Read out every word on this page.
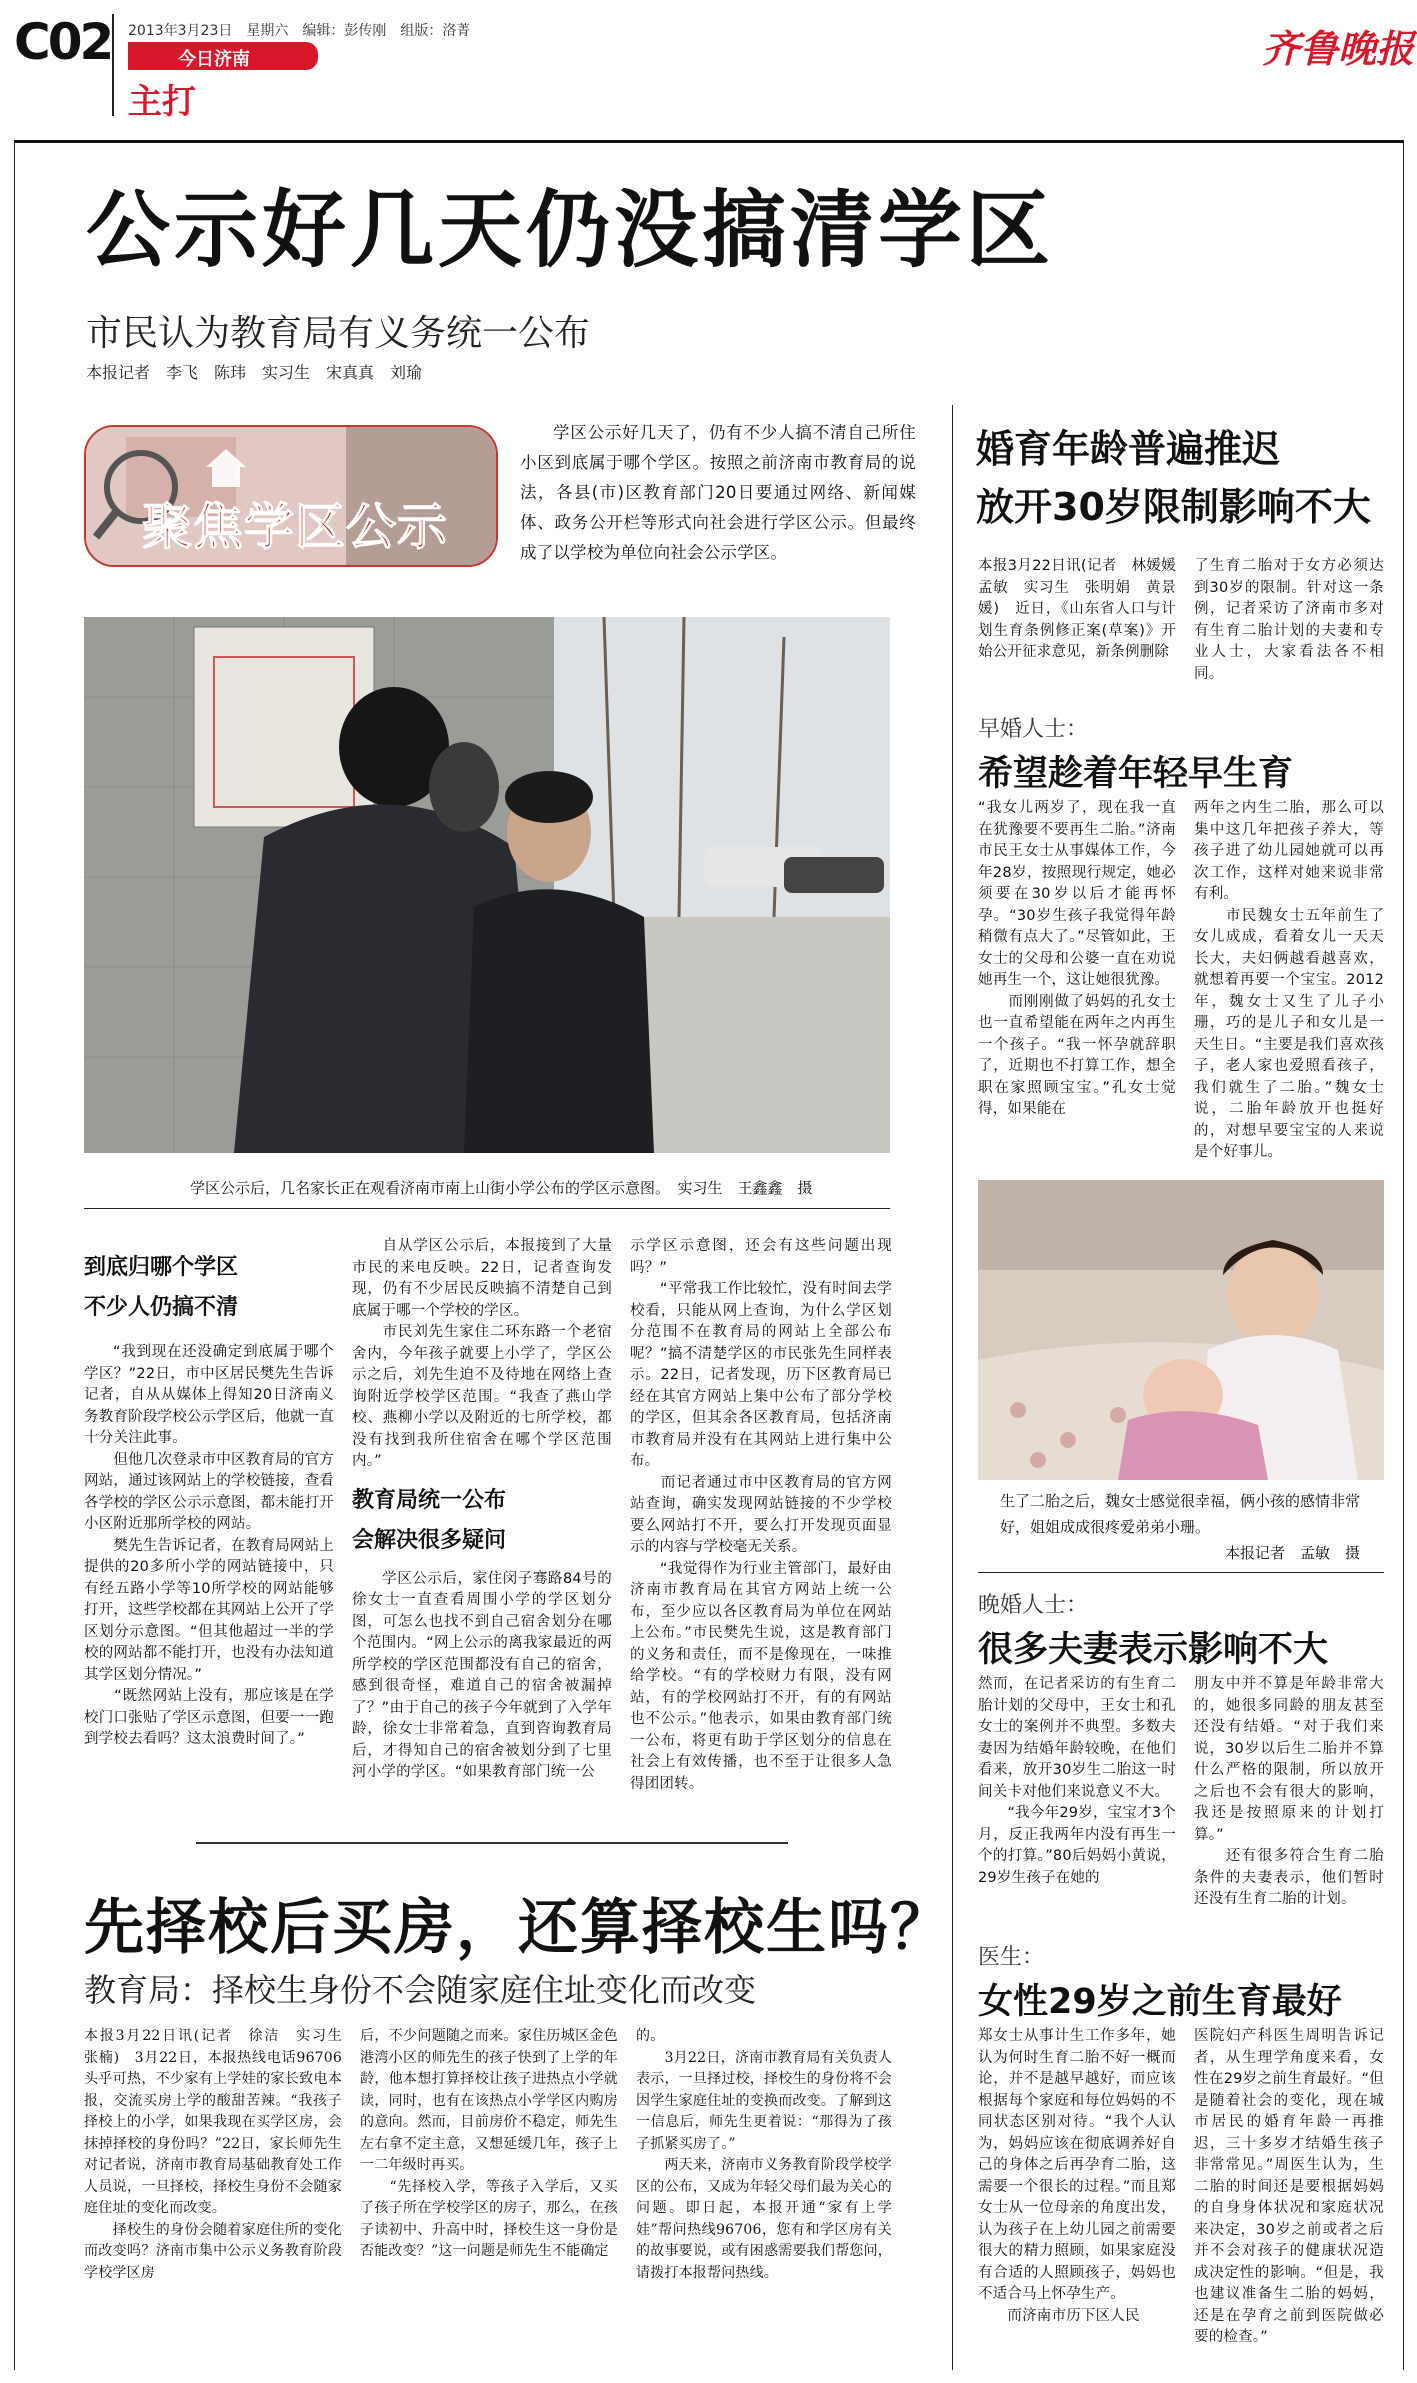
C02 2013年3月23日　星期六　编辑：彭传刚　组版：洛菁
今日济南
主打
齐鲁晚报
公示好几天仍没搞清学区
市民认为教育局有义务统一公布
本报记者　李飞　陈玮　实习生　宋真真　刘瑜
聚焦学区公示
学区公示好几天了，仍有不少人搞不清自己所住小区到底属于哪个学区。按照之前济南市教育局的说法，各县(市)区教育部门20日要通过网络、新闻媒体、政务公开栏等形式向社会进行学区公示。但最终成了以学校为单位向社会公示学区。
学区公示后，几名家长正在观看济南市南上山街小学公布的学区示意图。　实习生　王鑫鑫　摄
到底归哪个学区
不少人仍搞不清
“我到现在还没确定到底属于哪个学区？”22日，市中区居民樊先生告诉记者，自从从媒体上得知20日济南义务教育阶段学校公示学区后，他就一直十分关注此事。
　　但他几次登录市中区教育局的官方网站，通过该网站上的学校链接，查看各学校的学区公示示意图，都未能打开小区附近那所学校的网站。
　　樊先生告诉记者，在教育局网站上提供的20多所小学的网站链接中，只有经五路小学等10所学校的网站能够打开，这些学校都在其网站上公开了学区划分示意图。“但其他超过一半的学校的网站都不能打开，也没有办法知道其学区划分情况。”
　　“既然网站上没有，那应该是在学校门口张贴了学区示意图，但要一一跑到学校去看吗？这太浪费时间了。”
　　自从学区公示后，本报接到了大量市民的来电反映。22日，记者查询发现，仍有不少居民反映搞不清楚自己到底属于哪一个学校的学区。
　　市民刘先生家住二环东路一个老宿舍内，今年孩子就要上小学了，学区公示之后，刘先生迫不及待地在网络上查询附近学校学区范围。“我查了燕山学校、燕柳小学以及附近的七所学校，都没有找到我所住宿舍在哪个学区范围内。”
教育局统一公布
会解决很多疑问
　　学区公示后，家住闵子骞路84号的徐女士一直查看周围小学的学区划分图，可怎么也找不到自己宿舍划分在哪个范围内。“网上公示的离我家最近的两所学校的学区范围都没有自己的宿舍，感到很奇怪，难道自己的宿舍被漏掉了？”由于自己的孩子今年就到了入学年龄，徐女士非常着急，直到咨询教育局后，才得知自己的宿舍被划分到了七里河小学的学区。“如果教育部门统一公
示学区示意图，还会有这些问题出现吗？”
　　“平常我工作比较忙，没有时间去学校看，只能从网上查询，为什么学区划分范围不在教育局的网站上全部公布呢？”搞不清楚学区的市民张先生同样表示。22日，记者发现，历下区教育局已经在其官方网站上集中公布了部分学校的学区，但其余各区教育局，包括济南市教育局并没有在其网站上进行集中公布。
　　而记者通过市中区教育局的官方网站查询，确实发现网站链接的不少学校要么网站打不开，要么打开发现页面显示的内容与学校毫无关系。
　　“我觉得作为行业主管部门，最好由济南市教育局在其官方网站上统一公布，至少应以各区教育局为单位在网站上公布。”市民樊先生说，这是教育部门的义务和责任，而不是像现在，一味推给学校。“有的学校财力有限，没有网站，有的学校网站打不开，有的有网站也不公示。”他表示，如果由教育部门统一公布，将更有助于学区划分的信息在社会上有效传播，也不至于让很多人急得团团转。
先择校后买房，还算择校生吗？
教育局：择校生身份不会随家庭住址变化而改变
本报3月22日讯(记者　徐洁　实习生　张楠)　3月22日，本报热线电话96706头乎可热，不少家有上学娃的家长致电本报，交流买房上学的酸甜苦辣。“我孩子择校上的小学，如果我现在买学区房，会抹掉择校的身份吗？”22日，家长师先生对记者说，济南市教育局基础教育处工作人员说，一旦择校，择校生身份不会随家庭住址的变化而改变。
　　择校生的身份会随着家庭住所的变化而改变吗？济南市集中公示义务教育阶段学校学区房
后，不少问题随之而来。家住历城区金色港湾小区的师先生的孩子快到了上学的年龄，他本想打算择校让孩子进热点小学就读，同时，也有在该热点小学学区内购房的意向。然而，目前房价不稳定，师先生左右拿不定主意，又想延缓几年，孩子上一二年级时再买。
　　“先择校入学，等孩子入学后，又买了孩子所在学校学区的房子，那么，在孩子读初中、升高中时，择校生这一身份是否能改变？”这一问题是师先生不能确定
的。
　　3月22日，济南市教育局有关负责人表示，一旦择过校，择校生的身份将不会因学生家庭住址的变换而改变。了解到这一信息后，师先生更着说：“那得为了孩子抓紧买房了。”
　　两天来，济南市义务教育阶段学校学区的公布，又成为年轻父母们最为关心的问题。即日起，本报开通“家有上学娃”帮问热线96706，您有和学区房有关的故事要说，或有困惑需要我们帮您问，请拨打本报帮问热线。
婚育年龄普遍推迟
放开30岁限制影响不大
本报3月22日讯(记者　林媛媛　孟敏　实习生　张明娟　黄景媛)　近日，《山东省人口与计划生育条例修正案(草案)》开始公开征求意见，新条例删除
了生育二胎对于女方必须达到30岁的限制。针对这一条例，记者采访了济南市多对有生育二胎计划的夫妻和专业人士，大家看法各不相同。
早婚人士：
希望趁着年轻早生育
“我女儿两岁了，现在我一直在犹豫要不要再生二胎。”济南市民王女士从事媒体工作，今年28岁，按照现行规定，她必须要在30岁以后才能再怀孕。“30岁生孩子我觉得年龄稍微有点大了。”尽管如此，王女士的父母和公婆一直在劝说她再生一个，这让她很犹豫。
　　而刚刚做了妈妈的孔女士也一直希望能在两年之内再生一个孩子。“我一怀孕就辞职了，近期也不打算工作，想全职在家照顾宝宝。”孔女士觉得，如果能在
两年之内生二胎，那么可以集中这几年把孩子养大，等孩子进了幼儿园她就可以再次工作，这样对她来说非常有利。
　　市民魏女士五年前生了女儿成成，看着女儿一天天长大，夫妇俩越看越喜欢，就想着再要一个宝宝。2012年，魏女士又生了儿子小珊，巧的是儿子和女儿是一天生日。“主要是我们喜欢孩子，老人家也爱照看孩子，我们就生了二胎。”魏女士说，二胎年龄放开也挺好的，对想早要宝宝的人来说是个好事儿。
生了二胎之后，魏女士感觉很幸福，俩小孩的感情非常好，姐姐成成很疼爱弟弟小珊。
本报记者　孟敏　摄
晚婚人士：
很多夫妻表示影响不大
然而，在记者采访的有生育二胎计划的父母中，王女士和孔女士的案例并不典型。多数夫妻因为结婚年龄较晚，在他们看来，放开30岁生二胎这一时间关卡对他们来说意义不大。
　　“我今年29岁，宝宝才3个月，反正我两年内没有再生一个的打算。”80后妈妈小黄说，29岁生孩子在她的
朋友中并不算是年龄非常大的，她很多同龄的朋友甚至还没有结婚。“对于我们来说，30岁以后生二胎并不算什么严格的限制，所以放开之后也不会有很大的影响，我还是按照原来的计划打算。”
　　还有很多符合生育二胎条件的夫妻表示，他们暂时还没有生育二胎的计划。
医生：
女性29岁之前生育最好
郑女士从事计生工作多年，她认为何时生育二胎不好一概而论，并不是越早越好，而应该根据每个家庭和每位妈妈的不同状态区别对待。“我个人认为，妈妈应该在彻底调养好自己的身体之后再孕育二胎，这需要一个很长的过程。”而且郑女士从一位母亲的角度出发，认为孩子在上幼儿园之前需要很大的精力照顾，如果家庭没有合适的人照顾孩子，妈妈也不适合马上怀孕生产。
　　而济南市历下区人民
医院妇产科医生周明告诉记者，从生理学角度来看，女性在29岁之前生育最好。“但是随着社会的变化，现在城市居民的婚育年龄一再推迟，三十多岁才结婚生孩子非常常见。”周医生认为，生二胎的时间还是要根据妈妈的自身身体状况和家庭状况来决定，30岁之前或者之后并不会对孩子的健康状况造成决定性的影响。“但是，我也建议准备生二胎的妈妈，还是在孕育之前到医院做必要的检查。”
